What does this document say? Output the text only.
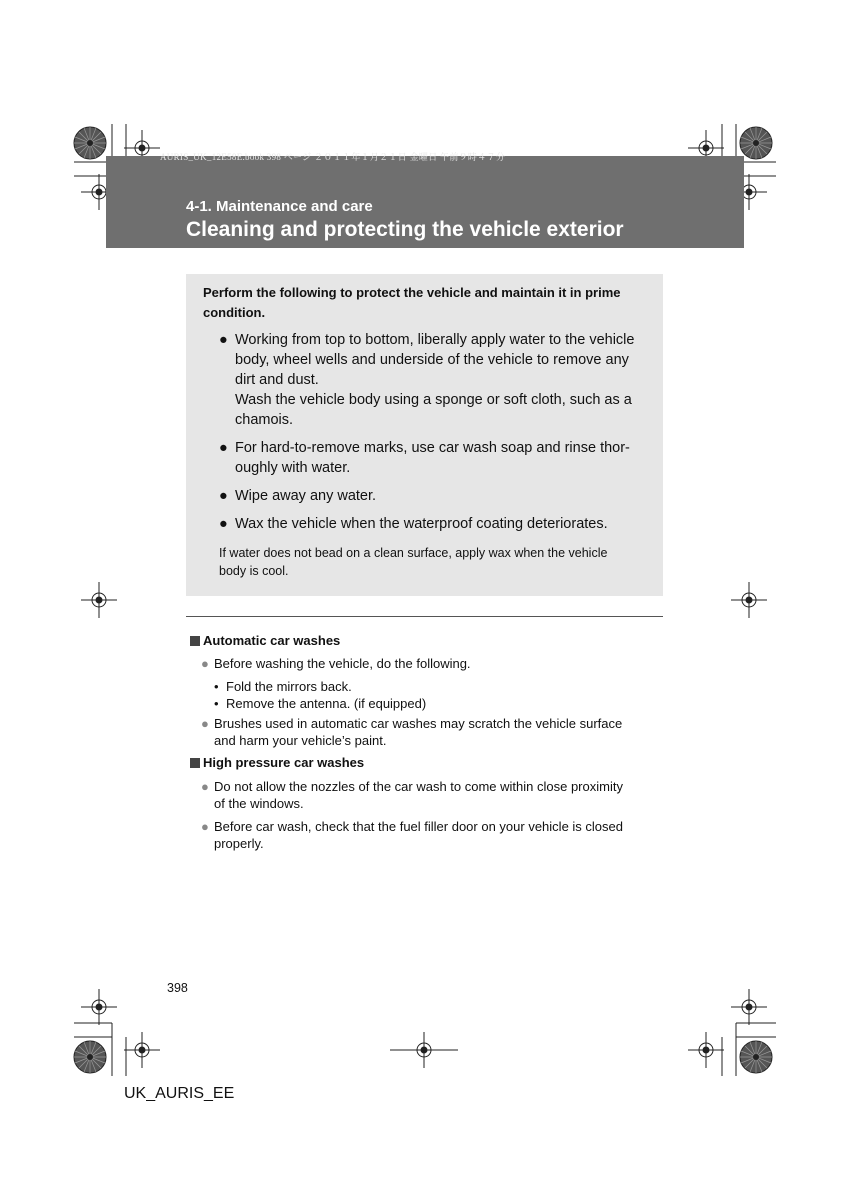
AURIS_UK_12E58E.book 398 ページ ２０１１年１月２１日 金曜日 午前９時４７分
4-1. Maintenance and care
Cleaning and protecting the vehicle exterior
Perform the following to protect the vehicle and maintain it in prime
condition.
● Working from top to bottom, liberally apply water to the vehicle
body, wheel wells and underside of the vehicle to remove any
dirt and dust.
Wash the vehicle body using a sponge or soft cloth, such as a
chamois.
● For hard-to-remove marks, use car wash soap and rinse thor-
oughly with water.
● Wipe away any water.
● Wax the vehicle when the waterproof coating deteriorates.
If water does not bead on a clean surface, apply wax when the vehicle
body is cool.
Automatic car washes
● Before washing the vehicle, do the following.
• Fold the mirrors back.
• Remove the antenna. (if equipped)
● Brushes used in automatic car washes may scratch the vehicle surface
and harm your vehicle’s paint.
High pressure car washes
● Do not allow the nozzles of the car wash to come within close proximity
of the windows.
● Before car wash, check that the fuel filler door on your vehicle is closed
properly.
398
UK_AURIS_EE
